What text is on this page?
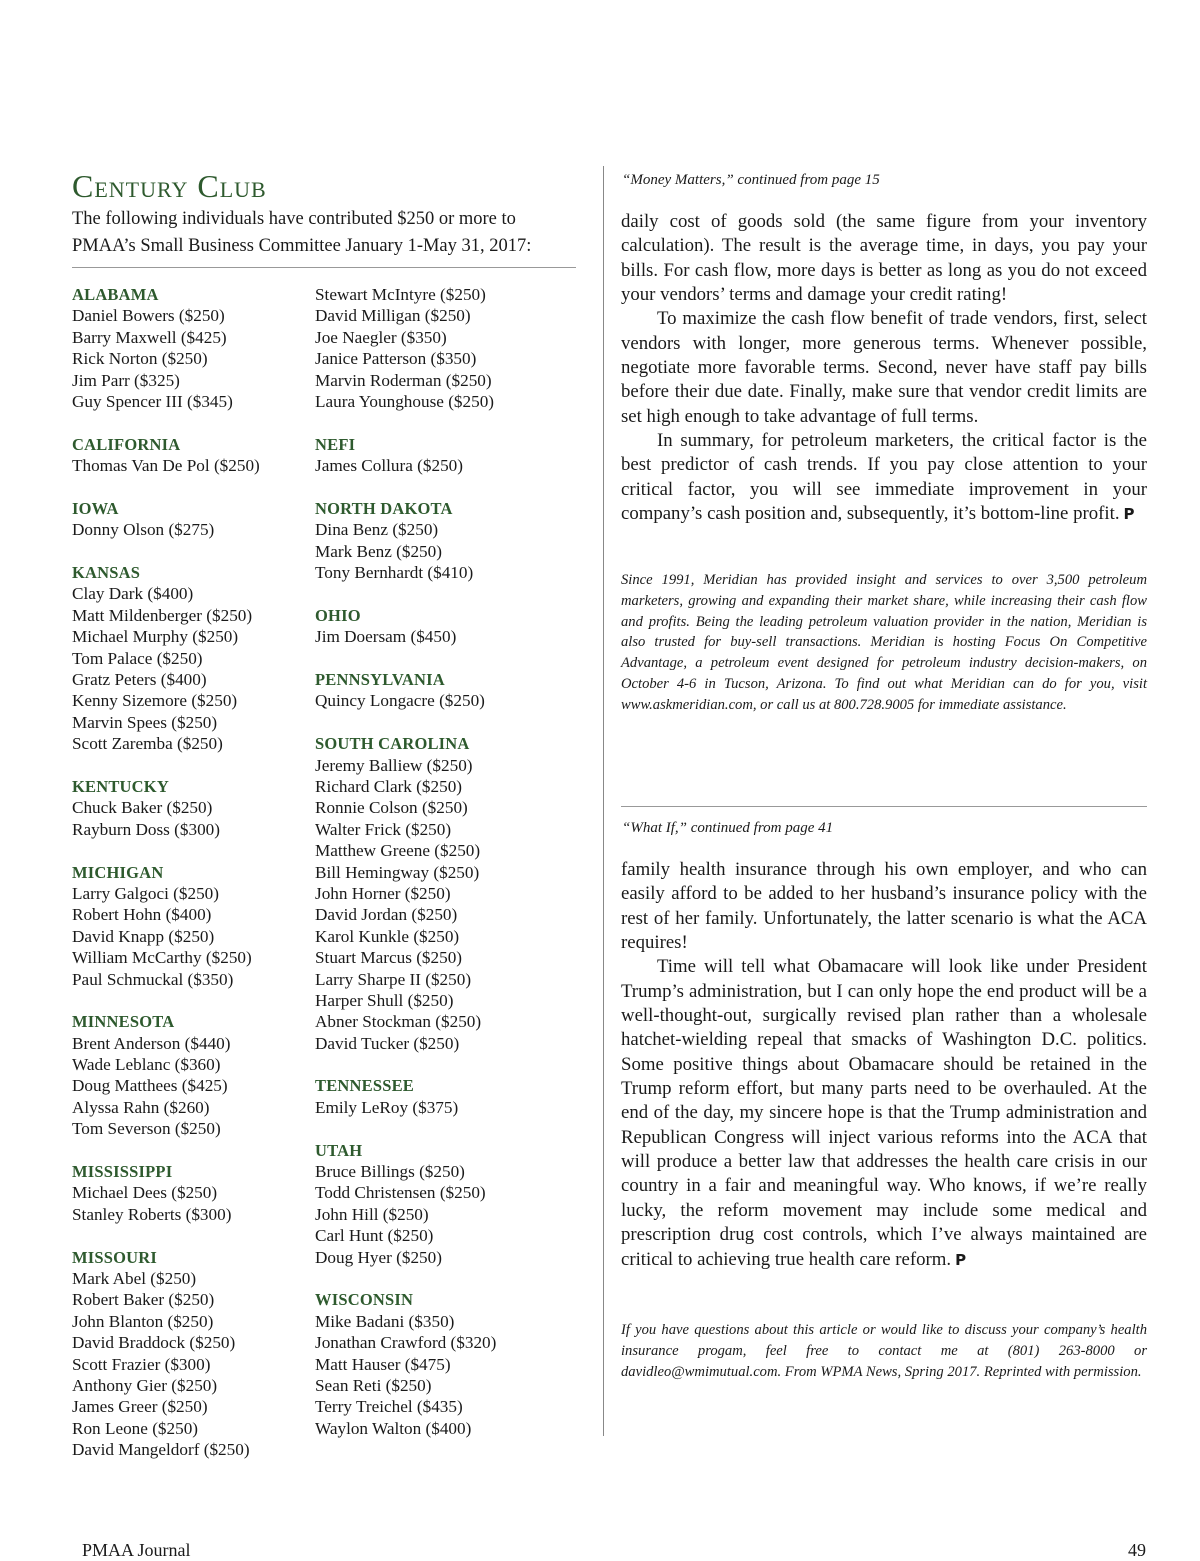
Century Club
The following individuals have contributed $250 or more to PMAA’s Small Business Committee January 1-May 31, 2017:
ALABAMA
Daniel Bowers ($250)
Barry Maxwell ($425)
Rick Norton ($250)
Jim Parr ($325)
Guy Spencer III ($345)
CALIFORNIA
Thomas Van De Pol ($250)
IOWA
Donny Olson ($275)
KANSAS
Clay Dark ($400)
Matt Mildenberger ($250)
Michael Murphy ($250)
Tom Palace ($250)
Gratz Peters ($400)
Kenny Sizemore ($250)
Marvin Spees ($250)
Scott Zaremba ($250)
KENTUCKY
Chuck Baker ($250)
Rayburn Doss ($300)
MICHIGAN
Larry Galgoci ($250)
Robert Hohn ($400)
David Knapp ($250)
William McCarthy ($250)
Paul Schmuckal ($350)
MINNESOTA
Brent Anderson ($440)
Wade Leblanc ($360)
Doug Matthees ($425)
Alyssa Rahn ($260)
Tom Severson ($250)
MISSISSIPPI
Michael Dees ($250)
Stanley Roberts ($300)
MISSOURI
Mark Abel ($250)
Robert Baker ($250)
John Blanton ($250)
David Braddock ($250)
Scott Frazier ($300)
Anthony Gier ($250)
James Greer ($250)
Ron Leone ($250)
David Mangeldorf ($250)
Stewart McIntyre ($250)
David Milligan ($250)
Joe Naegler ($350)
Janice Patterson ($350)
Marvin Roderman ($250)
Laura Younghouse ($250)
NEFI
James Collura ($250)
NORTH DAKOTA
Dina Benz ($250)
Mark Benz ($250)
Tony Bernhardt ($410)
OHIO
Jim Doersam ($450)
PENNSYLVANIA
Quincy Longacre ($250)
SOUTH CAROLINA
Jeremy Balliew ($250)
Richard Clark ($250)
Ronnie Colson ($250)
Walter Frick ($250)
Matthew Greene ($250)
Bill Hemingway ($250)
John Horner ($250)
David Jordan ($250)
Karol Kunkle ($250)
Stuart Marcus ($250)
Larry Sharpe II ($250)
Harper Shull ($250)
Abner Stockman ($250)
David Tucker ($250)
TENNESSEE
Emily LeRoy ($375)
UTAH
Bruce Billings ($250)
Todd Christensen ($250)
John Hill ($250)
Carl Hunt ($250)
Doug Hyer ($250)
WISCONSIN
Mike Badani ($350)
Jonathan Crawford ($320)
Matt Hauser ($475)
Sean Reti ($250)
Terry Treichel ($435)
Waylon Walton ($400)
“Money Matters,” continued from page 15

daily cost of goods sold (the same figure from your inventory calculation). The result is the average time, in days, you pay your bills. For cash flow, more days is better as long as you do not exceed your vendors’ terms and damage your credit rating!

To maximize the cash flow benefit of trade vendors, first, select vendors with longer, more generous terms. Whenever possible, negotiate more favorable terms. Second, never have staff pay bills before their due date. Finally, make sure that vendor credit limits are set high enough to take advantage of full terms.

In summary, for petroleum marketers, the critical factor is the best predictor of cash trends. If you pay close attention to your critical factor, you will see immediate improvement in your company’s cash position and, subsequently, it’s bottom-line profit. P

Since 1991, Meridian has provided insight and services to over 3,500 petroleum marketers, growing and expanding their market share, while increasing their cash flow and profits. Being the leading petroleum valuation provider in the nation, Meridian is also trusted for buy-sell transactions. Meridian is hosting Focus On Competitive Advantage, a petroleum event designed for petroleum industry decision-makers, on October 4-6 in Tucson, Arizona. To find out what Meridian can do for you, visit www.askmeridian.com, or call us at 800.728.9005 for immediate assistance.
“What If,” continued from page 41

family health insurance through his own employer, and who can easily afford to be added to her husband’s insurance policy with the rest of her family. Unfortunately, the latter scenario is what the ACA requires!

Time will tell what Obamacare will look like under President Trump’s administration, but I can only hope the end product will be a well-thought-out, surgically revised plan rather than a wholesale hatchet-wielding repeal that smacks of Washington D.C. politics. Some positive things about Obamacare should be retained in the Trump reform effort, but many parts need to be overhauled. At the end of the day, my sincere hope is that the Trump administration and Republican Congress will inject various reforms into the ACA that will produce a better law that addresses the health care crisis in our country in a fair and meaningful way. Who knows, if we’re really lucky, the reform movement may include some medical and prescription drug cost controls, which I’ve always maintained are critical to achieving true health care reform. P

If you have questions about this article or would like to discuss your company’s health insurance progam, feel free to contact me at (801) 263-8000 or davidleo@wmimutual.com. From WPMA News, Spring 2017. Reprinted with permission.
PMAA Journal	49
